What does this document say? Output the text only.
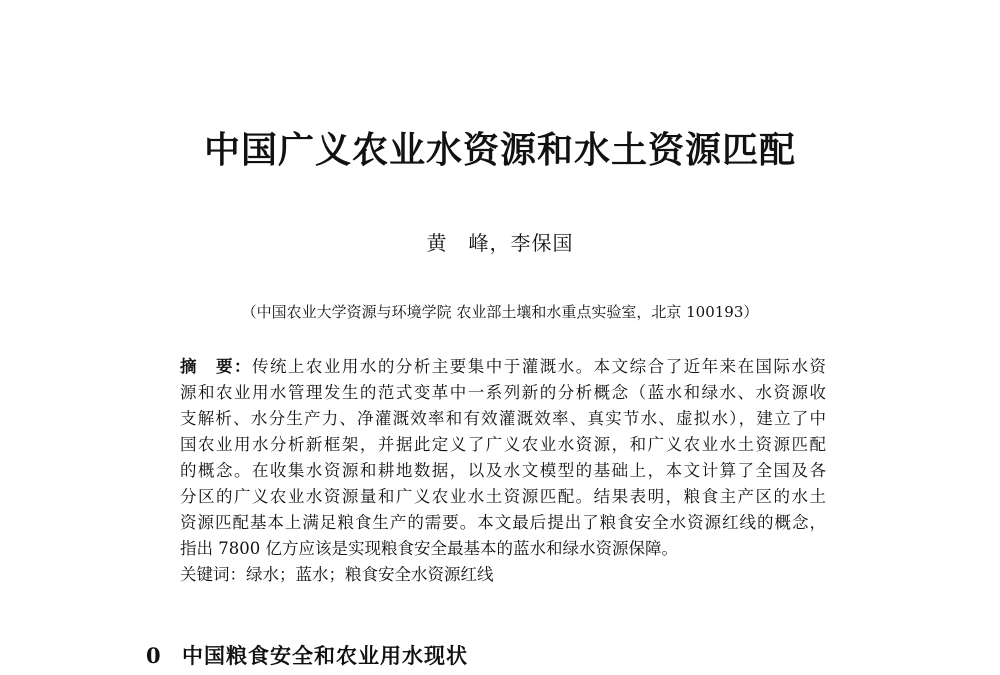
中国广义农业水资源和水土资源匹配
黄　峰，李保国
（中国农业大学资源与环境学院 农业部土壤和水重点实验室，北京 100193）
摘　要：传统上农业用水的分析主要集中于灌溉水。本文综合了近年来在国际水资
源和农业用水管理发生的范式变革中一系列新的分析概念（蓝水和绿水、水资源收
支解析、水分生产力、净灌溉效率和有效灌溉效率、真实节水、虚拟水），建立了中
国农业用水分析新框架，并据此定义了广义农业水资源，和广义农业水土资源匹配
的概念。在收集水资源和耕地数据，以及水文模型的基础上，本文计算了全国及各
分区的广义农业水资源量和广义农业水土资源匹配。结果表明，粮食主产区的水土
资源匹配基本上满足粮食生产的需要。本文最后提出了粮食安全水资源红线的概念，
指出 7800 亿方应该是实现粮食安全最基本的蓝水和绿水资源保障。
关键词：绿水；蓝水；粮食安全水资源红线
0 中国粮食安全和农业用水现状
